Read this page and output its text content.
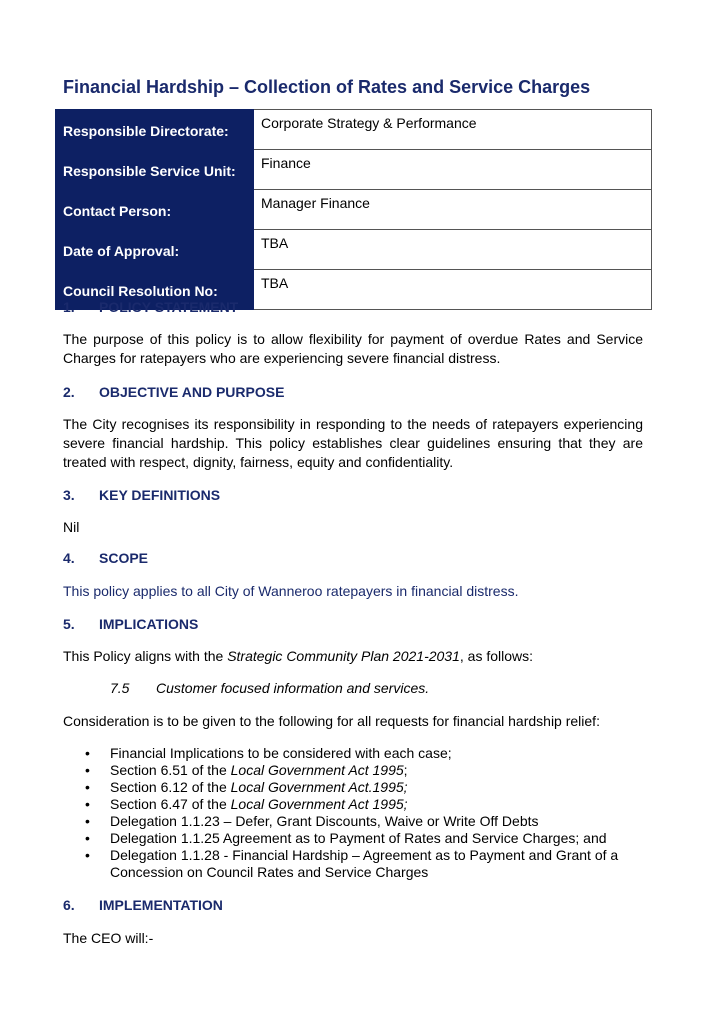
Financial Hardship – Collection of Rates and Service Charges
Responsible Directorate:	Corporate Strategy & Performance
Responsible Service Unit:	Finance
Contact Person:	Manager Finance
Date of Approval:	TBA
Council Resolution No:	TBA
1. POLICY STATEMENT
The purpose of this policy is to allow flexibility for payment of overdue Rates and Service Charges for ratepayers who are experiencing severe financial distress.
2. OBJECTIVE AND PURPOSE
The City recognises its responsibility in responding to the needs of ratepayers experiencing severe financial hardship. This policy establishes clear guidelines ensuring that they are treated with respect, dignity, fairness, equity and confidentiality.
3. KEY DEFINITIONS
Nil
4. SCOPE
This policy applies to all City of Wanneroo ratepayers in financial distress.
5. IMPLICATIONS
This Policy aligns with the Strategic Community Plan 2021-2031, as follows:
7.5 Customer focused information and services.
Consideration is to be given to the following for all requests for financial hardship relief:
• Financial Implications to be considered with each case;
• Section 6.51 of the Local Government Act 1995;
• Section 6.12 of the Local Government Act.1995;
• Section 6.47 of the Local Government Act 1995;
• Delegation 1.1.23 – Defer, Grant Discounts, Waive or Write Off Debts
• Delegation 1.1.25 Agreement as to Payment of Rates and Service Charges; and
• Delegation 1.1.28 - Financial Hardship – Agreement as to Payment and Grant of a Concession on Council Rates and Service Charges
6. IMPLEMENTATION
The CEO will:-
